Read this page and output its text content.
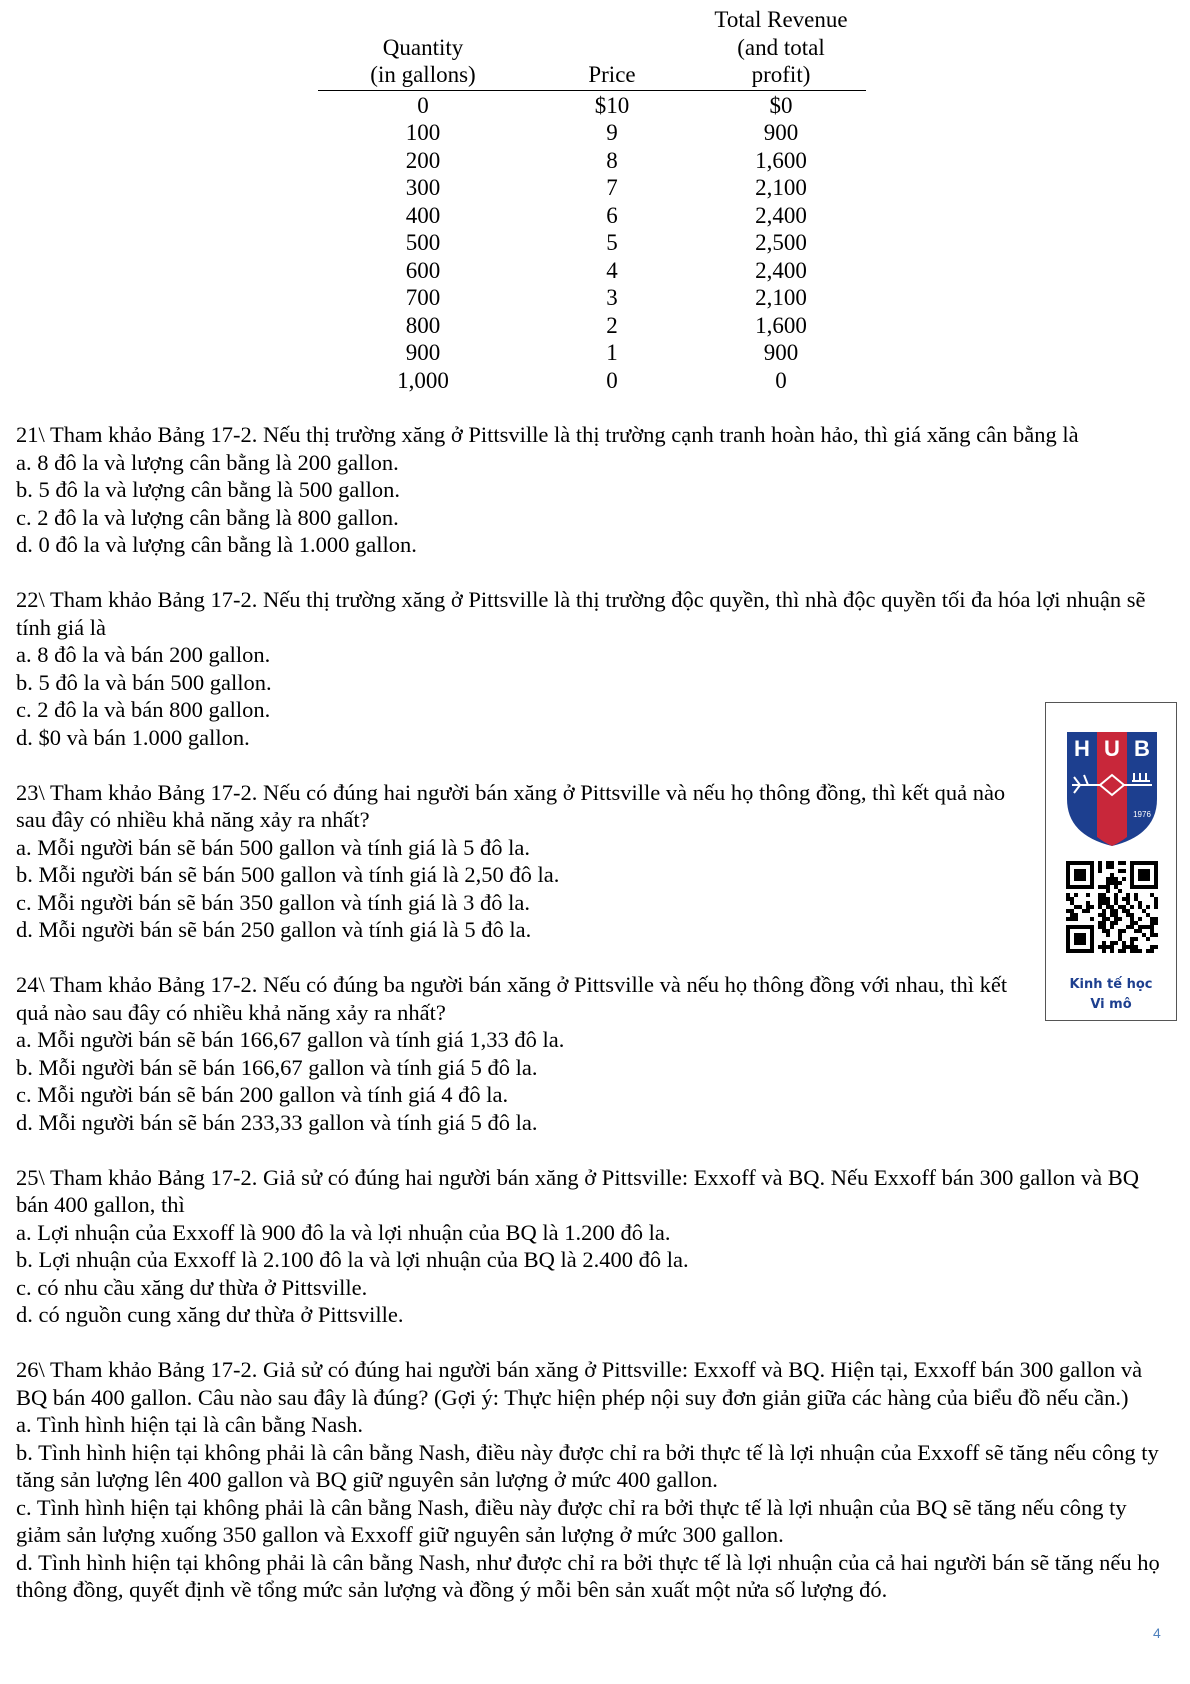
Quantity
(in gallons)	Price	Total Revenue
(and total
profit)

0	$10	$0
100	9	900
200	8	1,600
300	7	2,100
400	6	2,400
500	5	2,500
600	4	2,400
700	3	2,100
800	2	1,600
900	1	900
1,000	0	0

21\ Tham khảo Bảng 17-2. Nếu thị trường xăng ở Pittsville là thị trường cạnh tranh hoàn hảo, thì giá xăng cân bằng là

a. 8 đô la và lượng cân bằng là 200 gallon.

b. 5 đô la và lượng cân bằng là 500 gallon.

c. 2 đô la và lượng cân bằng là 800 gallon.

d. 0 đô la và lượng cân bằng là 1.000 gallon.

22\ Tham khảo Bảng 17-2. Nếu thị trường xăng ở Pittsville là thị trường độc quyền, thì nhà độc quyền tối đa hóa lợi nhuận sẽ tính giá là

a. 8 đô la và bán 200 gallon.

b. 5 đô la và bán 500 gallon.

c. 2 đô la và bán 800 gallon.

d. $0 và bán 1.000 gallon.

23\ Tham khảo Bảng 17-2. Nếu có đúng hai người bán xăng ở Pittsville và nếu họ thông đồng, thì kết quả nào sau đây có nhiều khả năng xảy ra nhất?

a. Mỗi người bán sẽ bán 500 gallon và tính giá là 5 đô la.

b. Mỗi người bán sẽ bán 500 gallon và tính giá là 2,50 đô la.

c. Mỗi người bán sẽ bán 350 gallon và tính giá là 3 đô la.

d. Mỗi người bán sẽ bán 250 gallon và tính giá là 5 đô la.

24\ Tham khảo Bảng 17-2. Nếu có đúng ba người bán xăng ở Pittsville và nếu họ thông đồng với nhau, thì kết quả nào sau đây có nhiều khả năng xảy ra nhất?

a. Mỗi người bán sẽ bán 166,67 gallon và tính giá 1,33 đô la.

b. Mỗi người bán sẽ bán 166,67 gallon và tính giá 5 đô la.

c. Mỗi người bán sẽ bán 200 gallon và tính giá 4 đô la.

d. Mỗi người bán sẽ bán 233,33 gallon và tính giá 5 đô la.

25\ Tham khảo Bảng 17-2. Giả sử có đúng hai người bán xăng ở Pittsville: Exxoff và BQ. Nếu Exxoff bán 300 gallon và BQ bán 400 gallon, thì

a. Lợi nhuận của Exxoff là 900 đô la và lợi nhuận của BQ là 1.200 đô la.

b. Lợi nhuận của Exxoff là 2.100 đô la và lợi nhuận của BQ là 2.400 đô la.

c. có nhu cầu xăng dư thừa ở Pittsville.

d. có nguồn cung xăng dư thừa ở Pittsville.

26\ Tham khảo Bảng 17-2. Giả sử có đúng hai người bán xăng ở Pittsville: Exxoff và BQ. Hiện tại, Exxoff bán 300 gallon và BQ bán 400 gallon. Câu nào sau đây là đúng? (Gợi ý: Thực hiện phép nội suy đơn giản giữa các hàng của biểu đồ nếu cần.)

a. Tình hình hiện tại là cân bằng Nash.

b. Tình hình hiện tại không phải là cân bằng Nash, điều này được chỉ ra bởi thực tế là lợi nhuận của Exxoff sẽ tăng nếu công ty tăng sản lượng lên 400 gallon và BQ giữ nguyên sản lượng ở mức 400 gallon.

c. Tình hình hiện tại không phải là cân bằng Nash, điều này được chỉ ra bởi thực tế là lợi nhuận của BQ sẽ tăng nếu công ty giảm sản lượng xuống 350 gallon và Exxoff giữ nguyên sản lượng ở mức 300 gallon.

d. Tình hình hiện tại không phải là cân bằng Nash, như được chỉ ra bởi thực tế là lợi nhuận của cả hai người bán sẽ tăng nếu họ thông đồng, quyết định về tổng mức sản lượng và đồng ý mỗi bên sản xuất một nửa số lượng đó.

H U B
1976
Kinh tế học
Vi mô
4
